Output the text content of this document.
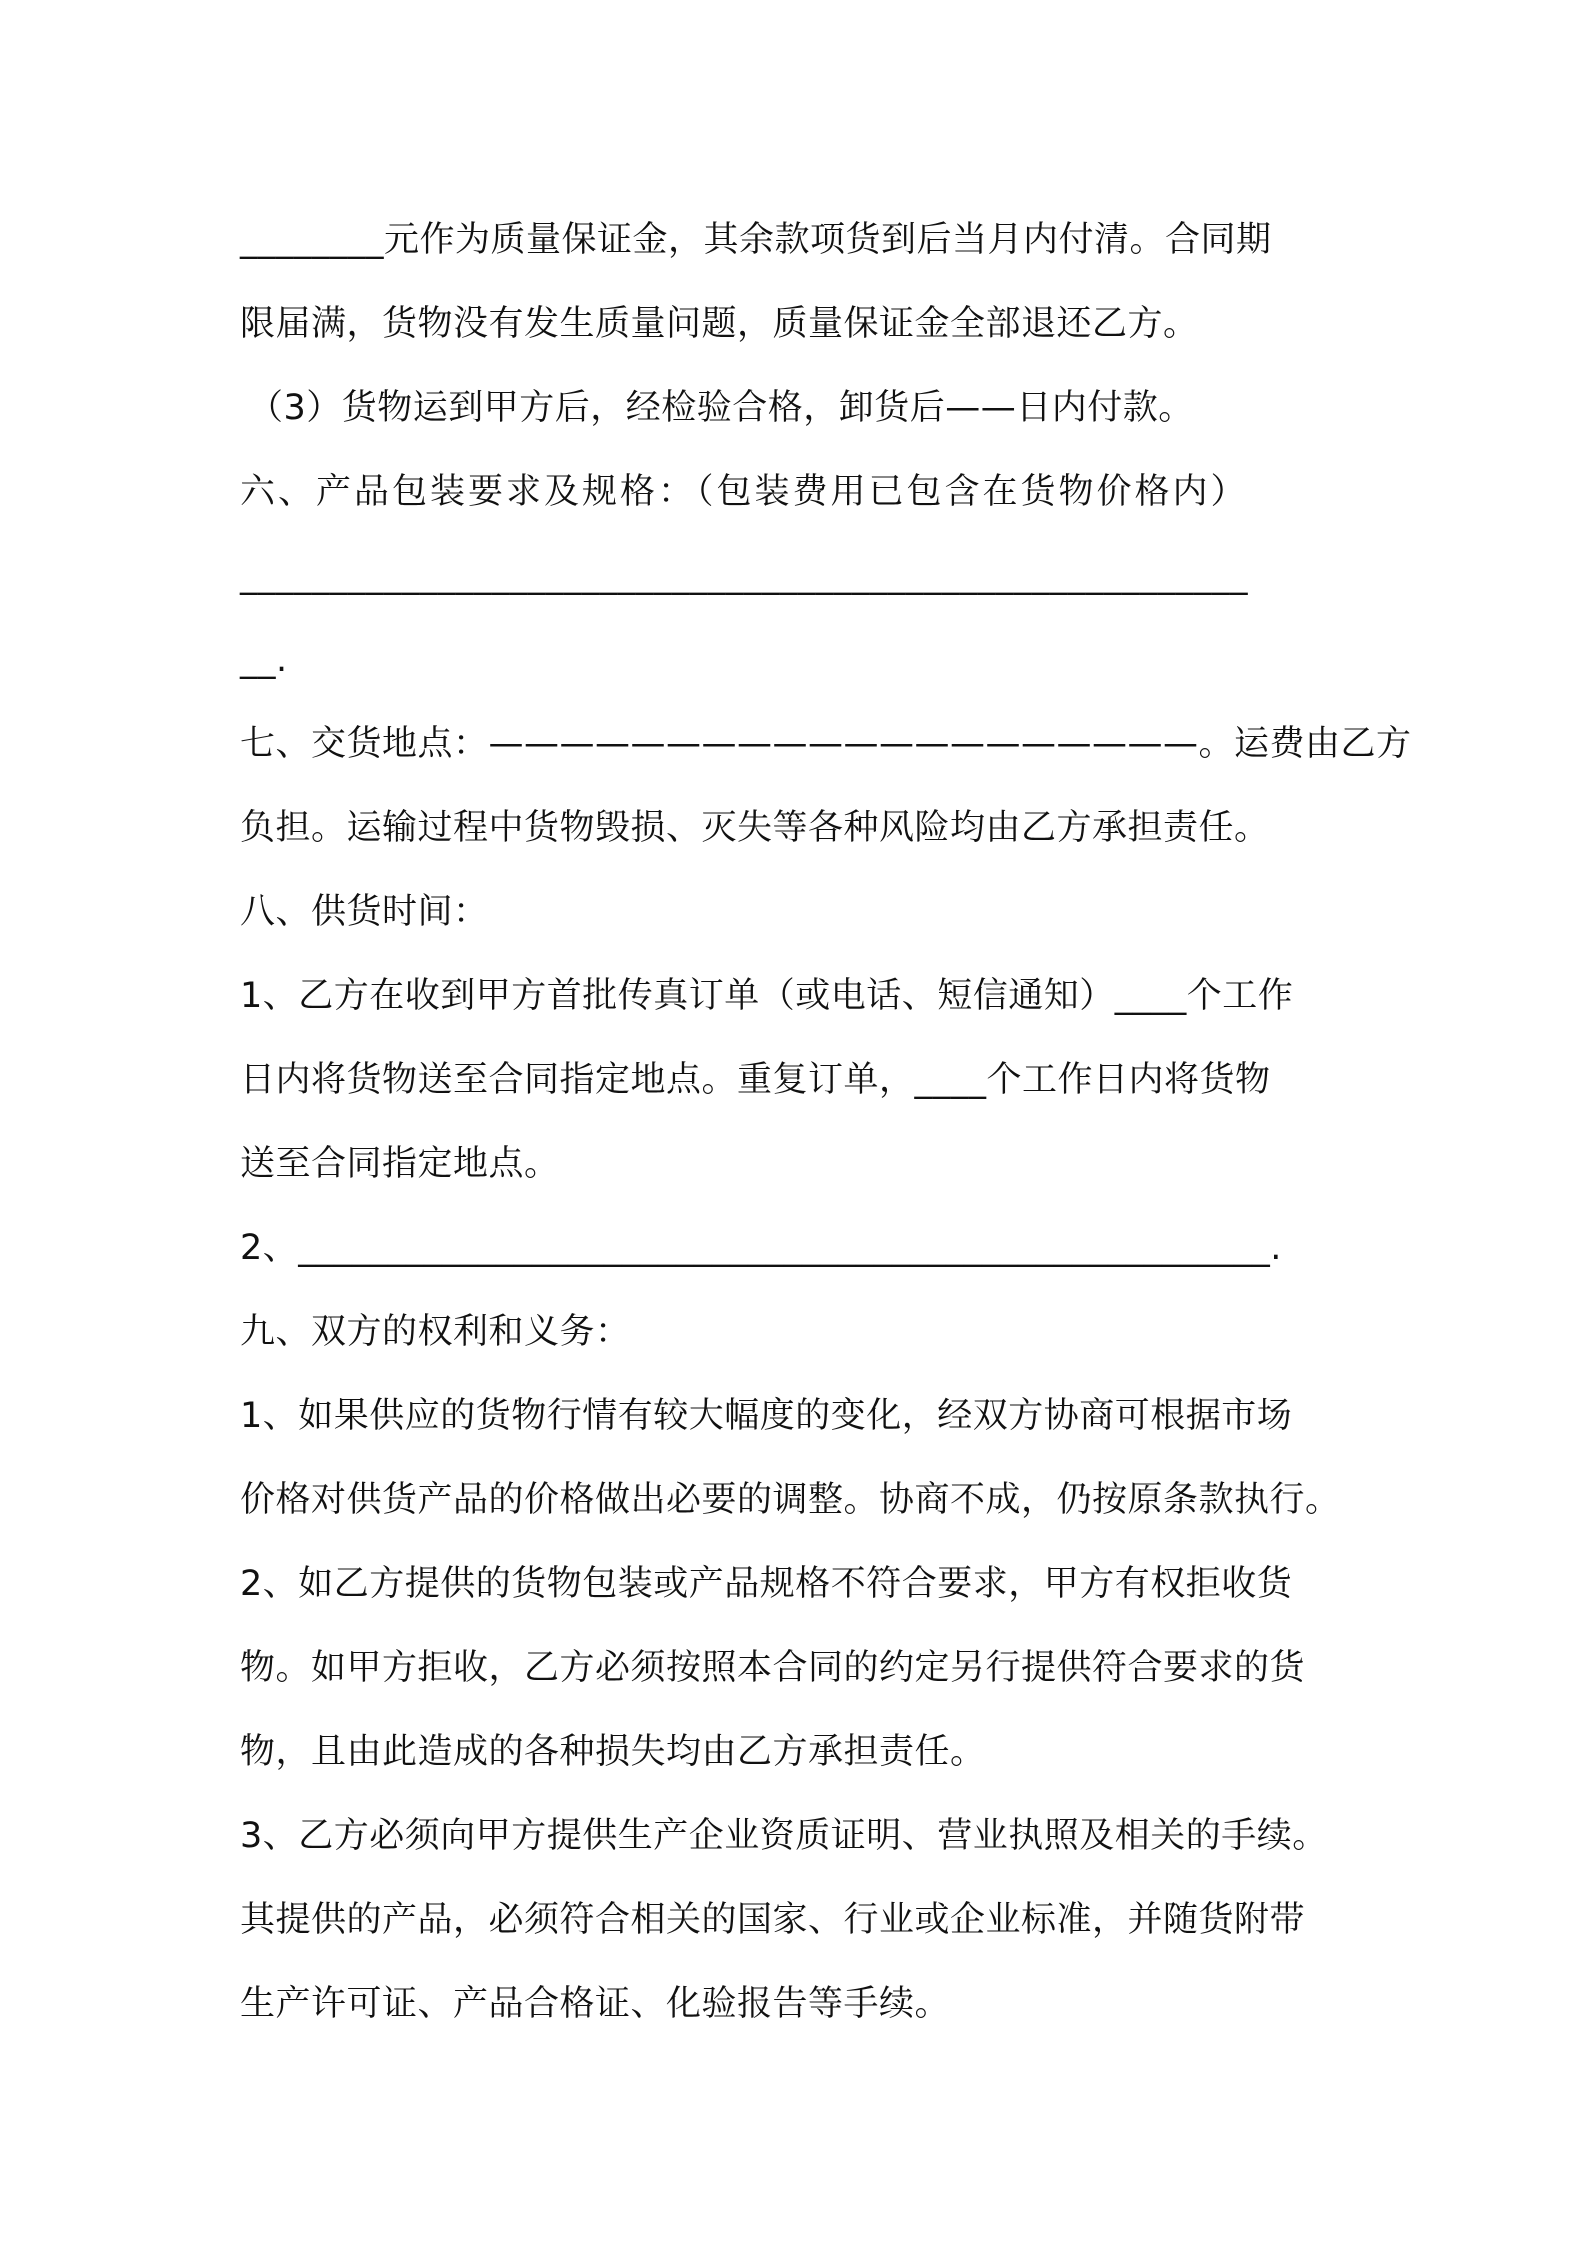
________元作为质量保证金，其余款项货到后当月内付清。合同期
限届满，货物没有发生质量问题，质量保证金全部退还乙方。
（3）货物运到甲方后，经检验合格，卸货后——日内付款。
六、产品包装要求及规格：（包装费用已包含在货物价格内）
________________________________________________________
__.
七、交货地点：————————————————————。运费由乙方
负担。运输过程中货物毁损、灭失等各种风险均由乙方承担责任。
八、供货时间：
1、乙方在收到甲方首批传真订单（或电话、短信通知）____个工作
日内将货物送至合同指定地点。重复订单，____个工作日内将货物
送至合同指定地点。
2、______________________________________________________.
九、双方的权利和义务：
1、如果供应的货物行情有较大幅度的变化，经双方协商可根据市场
价格对供货产品的价格做出必要的调整。协商不成，仍按原条款执行。
2、如乙方提供的货物包装或产品规格不符合要求，甲方有权拒收货
物。如甲方拒收，乙方必须按照本合同的约定另行提供符合要求的货
物，且由此造成的各种损失均由乙方承担责任。
3、乙方必须向甲方提供生产企业资质证明、营业执照及相关的手续。
其提供的产品，必须符合相关的国家、行业或企业标准，并随货附带
生产许可证、产品合格证、化验报告等手续。
